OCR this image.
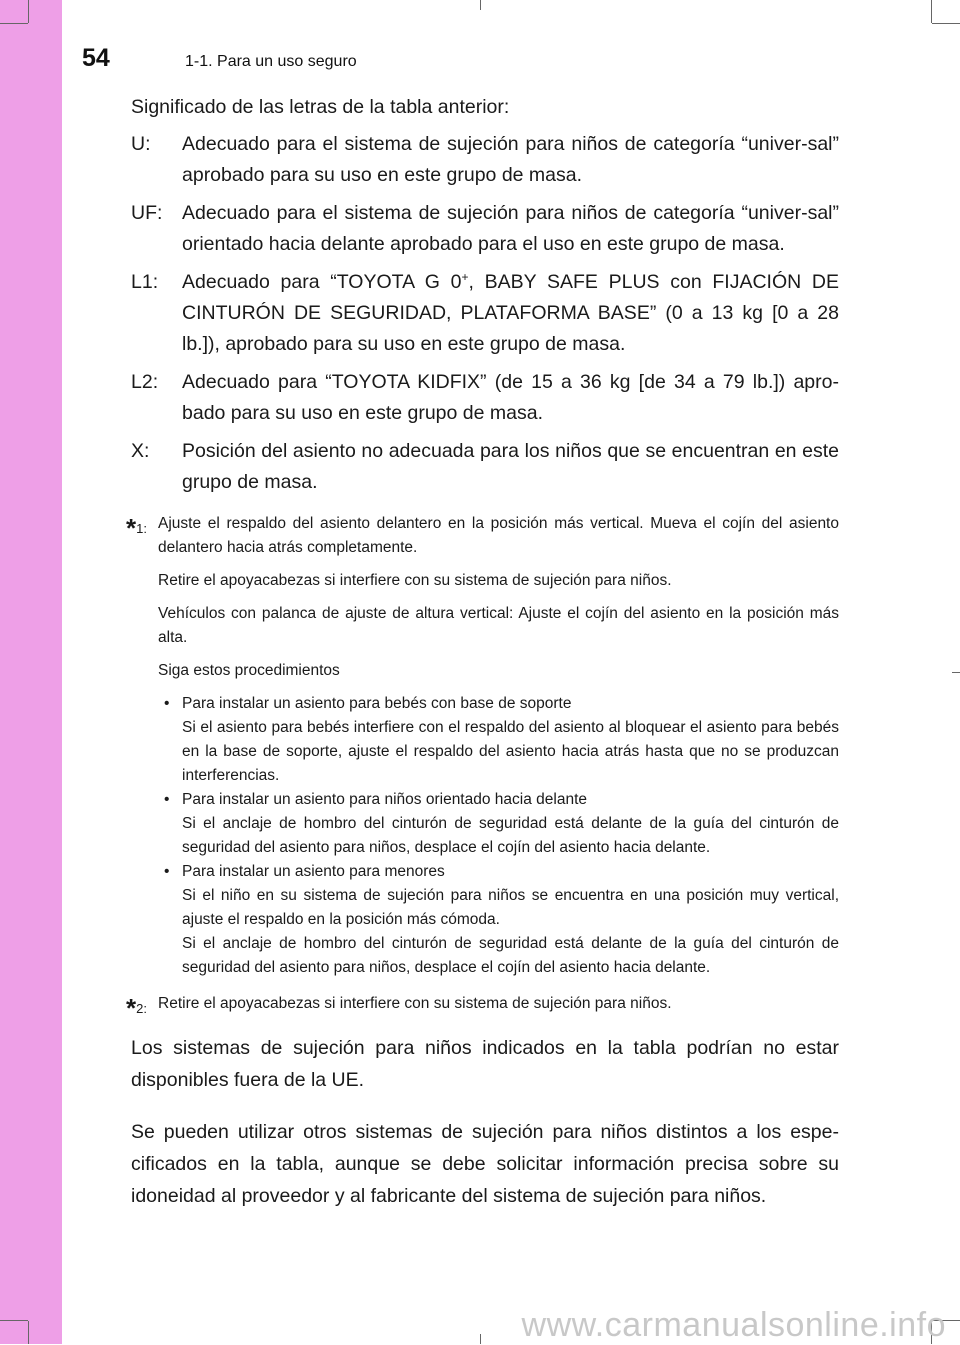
54	1-1. Para un uso seguro

Significado de las letras de la tabla anterior:

U:	Adecuado para el sistema de sujeción para niños de categoría “univer-sal” aprobado para su uso en este grupo de masa.
UF:	Adecuado para el sistema de sujeción para niños de categoría “univer-sal” orientado hacia delante aprobado para el uso en este grupo de masa.
L1:	Adecuado para “TOYOTA G 0+, BABY SAFE PLUS con FIJACIÓN DE CINTURÓN DE SEGURIDAD, PLATAFORMA BASE” (0 a 13 kg [0 a 28 lb.]), aprobado para su uso en este grupo de masa.
L2:	Adecuado para “TOYOTA KIDFIX” (de 15 a 36 kg [de 34 a 79 lb.]) apro-bado para su uso en este grupo de masa.
X:	Posición del asiento no adecuada para los niños que se encuentran en este grupo de masa.
*1: Ajuste el respaldo del asiento delantero en la posición más vertical. Mueva el cojín del asiento delantero hacia atrás completamente.
Retire el apoyacabezas si interfiere con su sistema de sujeción para niños.
Vehículos con palanca de ajuste de altura vertical: Ajuste el cojín del asiento en la posición más alta.
Siga estos procedimientos
• Para instalar un asiento para bebés con base de soporte
Si el asiento para bebés interfiere con el respaldo del asiento al bloquear el asiento para bebés en la base de soporte, ajuste el respaldo del asiento hacia atrás hasta que no se produzcan interferencias.
• Para instalar un asiento para niños orientado hacia delante
Si el anclaje de hombro del cinturón de seguridad está delante de la guía del cinturón de seguridad del asiento para niños, desplace el cojín del asiento hacia delante.
• Para instalar un asiento para menores
Si el niño en su sistema de sujeción para niños se encuentra en una posición muy vertical, ajuste el respaldo en la posición más cómoda.
Si el anclaje de hombro del cinturón de seguridad está delante de la guía del cinturón de seguridad del asiento para niños, desplace el cojín del asiento hacia delante.
*2: Retire el apoyacabezas si interfiere con su sistema de sujeción para niños.

Los sistemas de sujeción para niños indicados en la tabla podrían no estar disponibles fuera de la UE.

Se pueden utilizar otros sistemas de sujeción para niños distintos a los espe-cificados en la tabla, aunque se debe solicitar información precisa sobre su idoneidad al proveedor y al fabricante del sistema de sujeción para niños.

www.carmanualsonline.info
